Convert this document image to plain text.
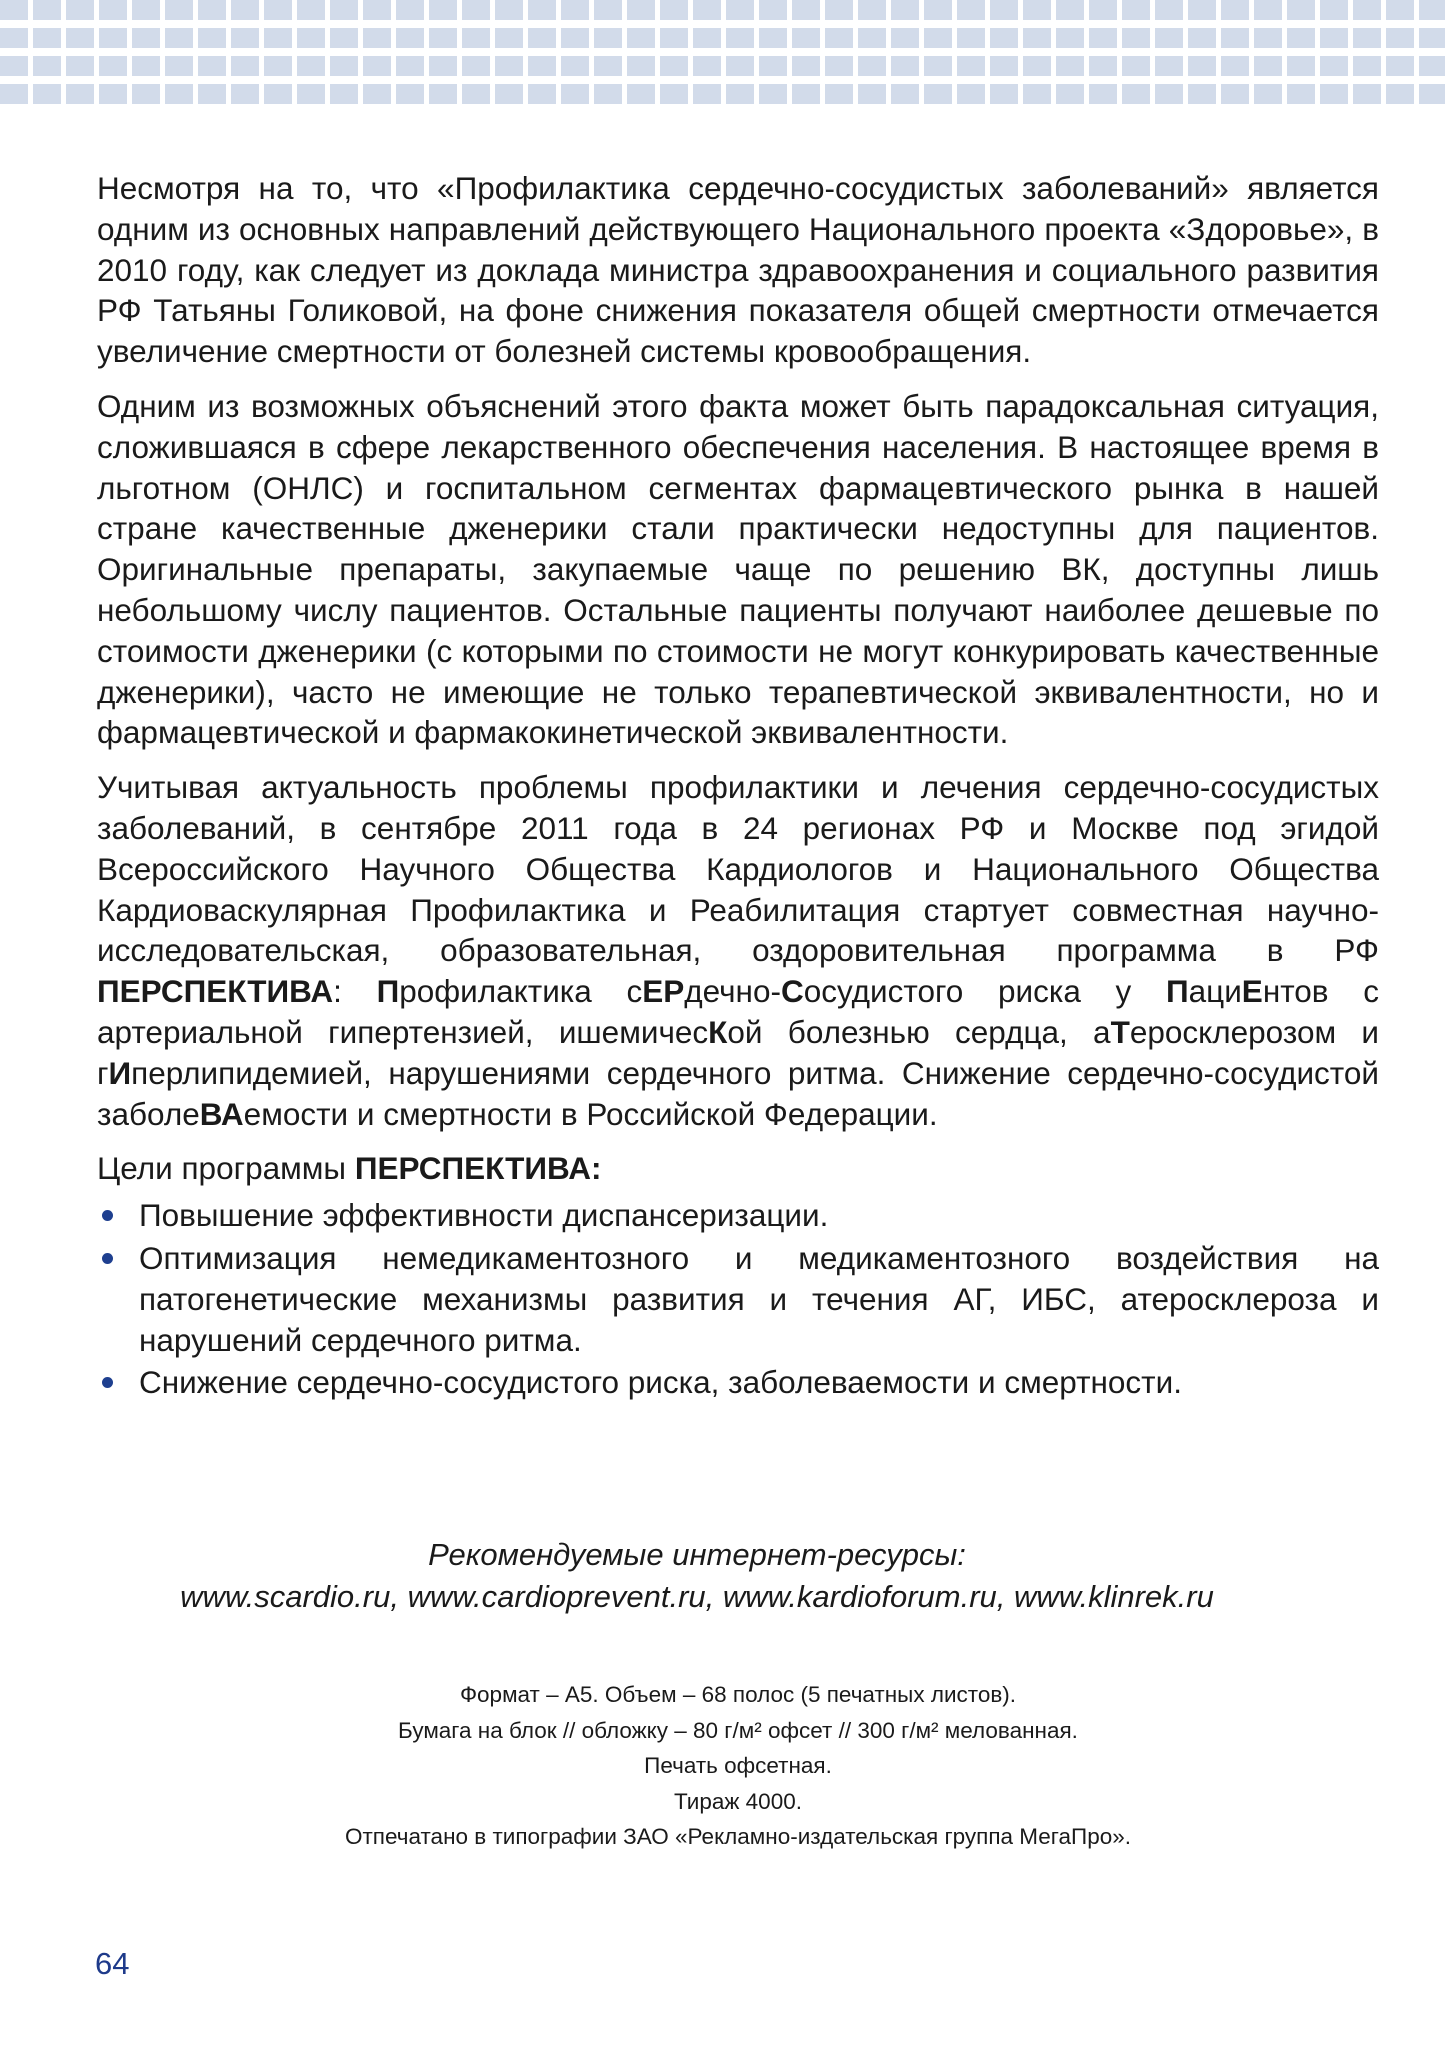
Несмотря на то, что «Профилактика сердечно-сосудистых заболеваний» является одним из основных направлений действующего Национального проекта «Здоровье», в 2010 году, как следует из доклада министра здравоохранения и социального развития РФ Татьяны Голиковой, на фоне снижения показателя общей смертности отмечается увеличение смертности от болезней системы кровообращения.

Одним из возможных объяснений этого факта может быть парадоксальная ситуация, сложившаяся в сфере лекарственного обеспечения населения. В настоящее время в льготном (ОНЛС) и госпитальном сегментах фармацевтического рынка в нашей стране качественные дженерики стали практически недоступны для пациентов. Оригинальные препараты, закупаемые чаще по решению ВК, доступны лишь небольшому числу пациентов. Остальные пациенты получают наиболее дешевые по стоимости дженерики (с которыми по стоимости не могут конкурировать качественные дженерики), часто не имеющие не только терапевтической эквивалентности, но и фармацевтической и фармакокинетической эквивалентности.

Учитывая актуальность проблемы профилактики и лечения сердечно-сосудистых заболеваний, в сентябре 2011 года в 24 регионах РФ и Москве под эгидой Всероссийского Научного Общества Кардиологов и Национального Общества Кардиоваскулярная Профилактика и Реабилитация стартует совместная научно-исследовательская, образовательная, оздоровительная программа в РФ ПЕРСПЕКТИВА: Профилактика сЕРдечно-Сосудистого риска у ПациЕнтов с артериальной гипертензией, ишемичесКой болезнью сердца, аТеросклерозом и гИперлипидемией, нарушениями сердечного ритма. Снижение сердечно-сосудистой заболеВАемости и смертности в Российской Федерации.

Цели программы ПЕРСПЕКТИВА:

Повышение эффективности диспансеризации.
Оптимизация немедикаментозного и медикаментозного воздействия на патогенетические механизмы развития и течения АГ, ИБС, атеросклероза и нарушений сердечного ритма.
Снижение сердечно-сосудистого риска, заболеваемости и смертности.
Рекомендуемые интернет-ресурсы:
www.scardio.ru, www.cardioprevent.ru, www.kardioforum.ru, www.klinrek.ru
Формат – А5. Объем – 68 полос (5 печатных листов).
Бумага на блок // обложку – 80 г/м² офсет // 300 г/м² мелованная.
Печать офсетная.
Тираж 4000.
Отпечатано в типографии ЗАО «Рекламно-издательская группа МегаПро».
64
